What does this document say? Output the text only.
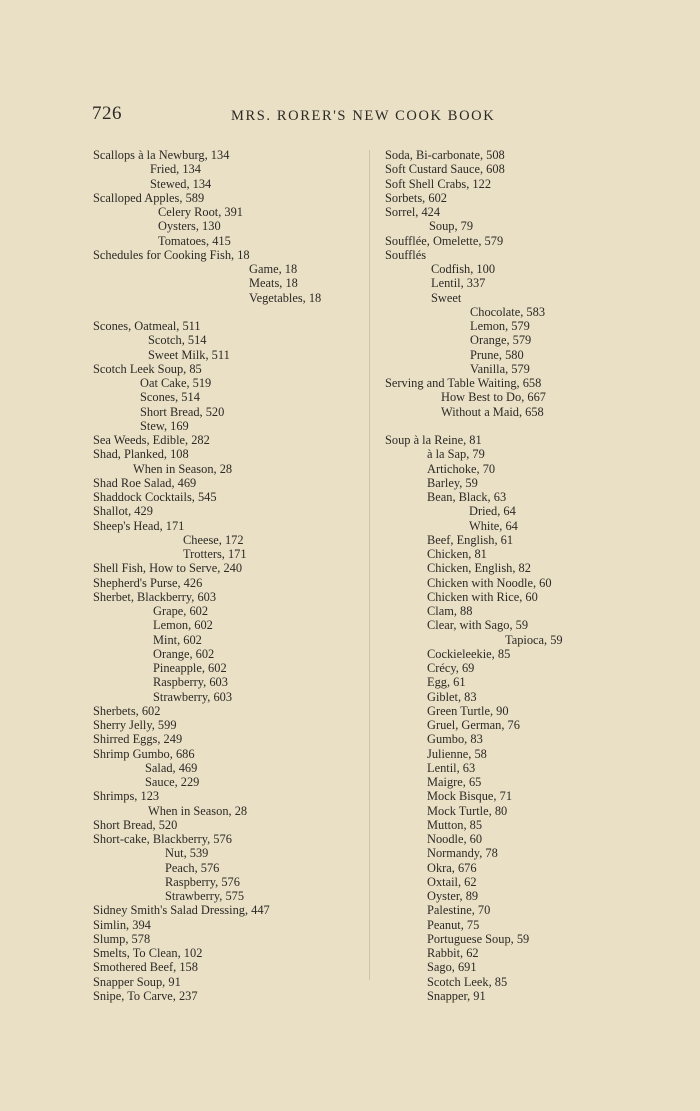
726	MRS. RORER'S NEW COOK BOOK
Scallops à la Newburg, 134
Fried, 134
Stewed, 134
Scalloped Apples, 589
Celery Root, 391
Oysters, 130
Tomatoes, 415
Schedules for Cooking Fish, 18
Game, 18
Meats, 18
Vegetables, 18
Scones, Oatmeal, 511
Scotch, 514
Sweet Milk, 511
Scotch Leek Soup, 85
Oat Cake, 519
Scones, 514
Short Bread, 520
Stew, 169
Sea Weeds, Edible, 282
Shad, Planked, 108
When in Season, 28
Shad Roe Salad, 469
Shaddock Cocktails, 545
Shallot, 429
Sheep's Head, 171
Cheese, 172
Trotters, 171
Shell Fish, How to Serve, 240
Shepherd's Purse, 426
Sherbet, Blackberry, 603
Grape, 602
Lemon, 602
Mint, 602
Orange, 602
Pineapple, 602
Raspberry, 603
Strawberry, 603
Sherbets, 602
Sherry Jelly, 599
Shirred Eggs, 249
Shrimp Gumbo, 686
Salad, 469
Sauce, 229
Shrimps, 123
When in Season, 28
Short Bread, 520
Short-cake, Blackberry, 576
Nut, 539
Peach, 576
Raspberry, 576
Strawberry, 575
Sidney Smith's Salad Dressing, 447
Simlin, 394
Slump, 578
Smelts, To Clean, 102
Smothered Beef, 158
Snapper Soup, 91
Snipe, To Carve, 237
Soda, Bi-carbonate, 508
Soft Custard Sauce, 608
Soft Shell Crabs, 122
Sorbets, 602
Sorrel, 424
Soup, 79
Soufflée, Omelette, 579
Soufflés
Codfish, 100
Lentil, 337
Sweet
Chocolate, 583
Lemon, 579
Orange, 579
Prune, 580
Vanilla, 579
Serving and Table Waiting, 658
How Best to Do, 667
Without a Maid, 658
Soup à la Reine, 81
à la Sap, 79
Artichoke, 70
Barley, 59
Bean, Black, 63
Dried, 64
White, 64
Beef, English, 61
Chicken, 81
Chicken, English, 82
Chicken with Noodle, 60
Chicken with Rice, 60
Clam, 88
Clear, with Sago, 59
Tapioca, 59
Cockieleekie, 85
Crécy, 69
Egg, 61
Giblet, 83
Green Turtle, 90
Gruel, German, 76
Gumbo, 83
Julienne, 58
Lentil, 63
Maigre, 65
Mock Bisque, 71
Mock Turtle, 80
Mutton, 85
Noodle, 60
Normandy, 78
Okra, 676
Oxtail, 62
Oyster, 89
Palestine, 70
Peanut, 75
Portuguese Soup, 59
Rabbit, 62
Sago, 691
Scotch Leek, 85
Snapper, 91
